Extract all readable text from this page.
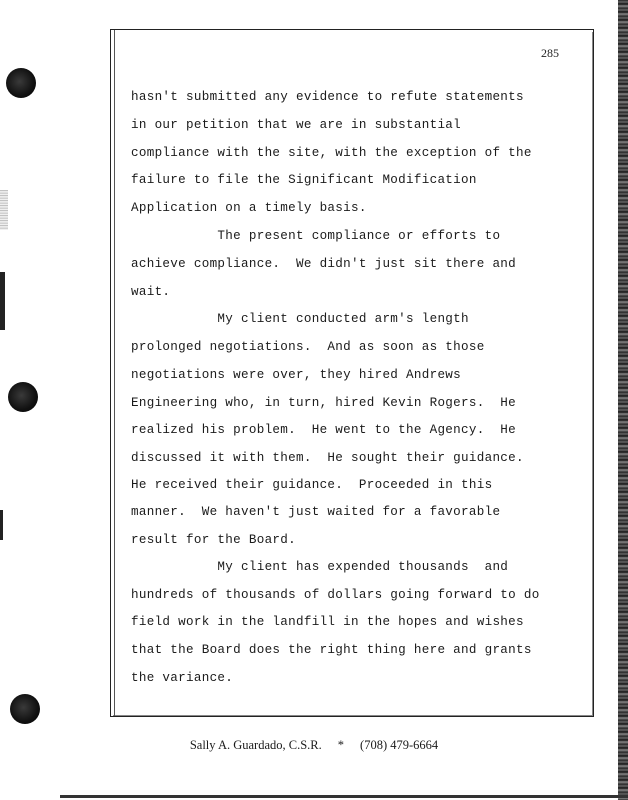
285
hasn't submitted any evidence to refute statements
in our petition that we are in substantial
compliance with the site, with the exception of the
failure to file the Significant Modification
Application on a timely basis.
The present compliance or efforts to
achieve compliance.  We didn't just sit there and
wait.
My client conducted arm's length
prolonged negotiations.  And as soon as those
negotiations were over, they hired Andrews
Engineering who, in turn, hired Kevin Rogers.  He
realized his problem.  He went to the Agency.  He
discussed it with them.  He sought their guidance.
He received their guidance.  Proceeded in this
manner.  We haven't just waited for a favorable
result for the Board.
My client has expended thousands  and
hundreds of thousands of dollars going forward to do
field work in the landfill in the hopes and wishes
that the Board does the right thing here and grants
the variance.
Sally A. Guardado, C.S.R. * (708) 479-6664
